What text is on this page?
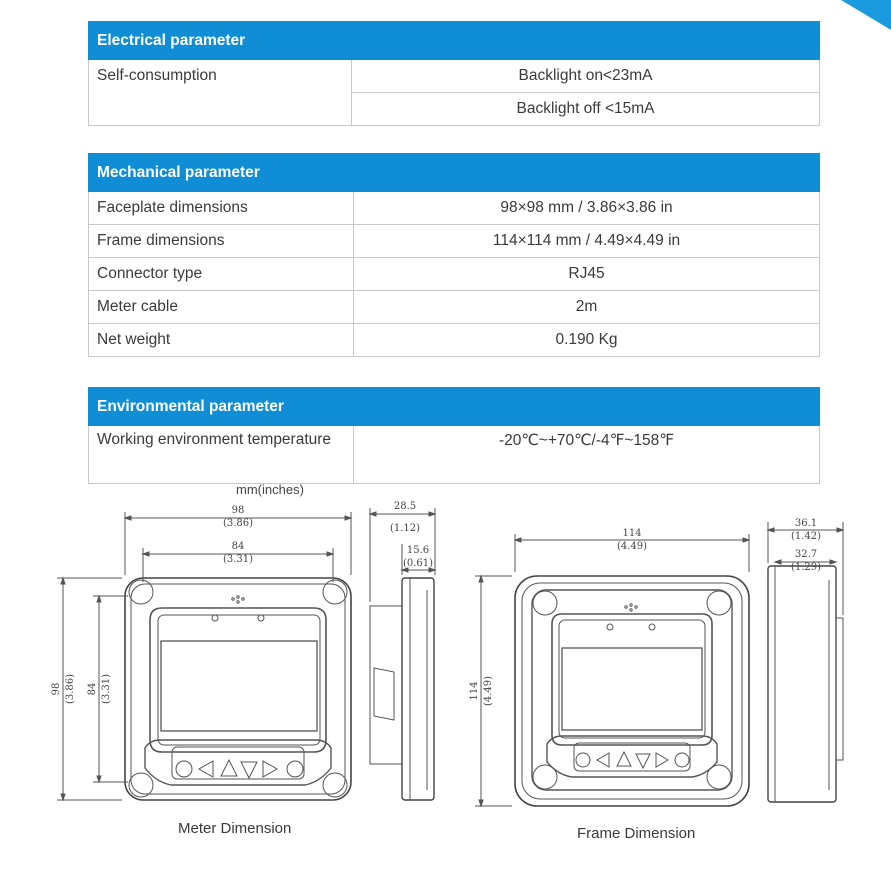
Electrical parameter
Self-consumption	Backlight on<23mA
Backlight off <15mA
Mechanical parameter	
Faceplate dimensions	98×98 mm / 3.86×3.86 in
Frame dimensions	114×114 mm / 4.49×4.49 in
Connector type	RJ45
Meter cable	2m
Net weight	0.190 Kg
Environmental parameter
Working environment temperature	-20℃~+70℃/-4℉~158℉
mm(inches)
98
(3.86)
84
(3.31)
98 (3.86) 84 (3.31)
28.5
(1.12)
15.6
(0.61)
114
(4.49)
114 (4.49)
36.1
(1.42)
32.7
(1.29)
Meter Dimension	Frame Dimension
